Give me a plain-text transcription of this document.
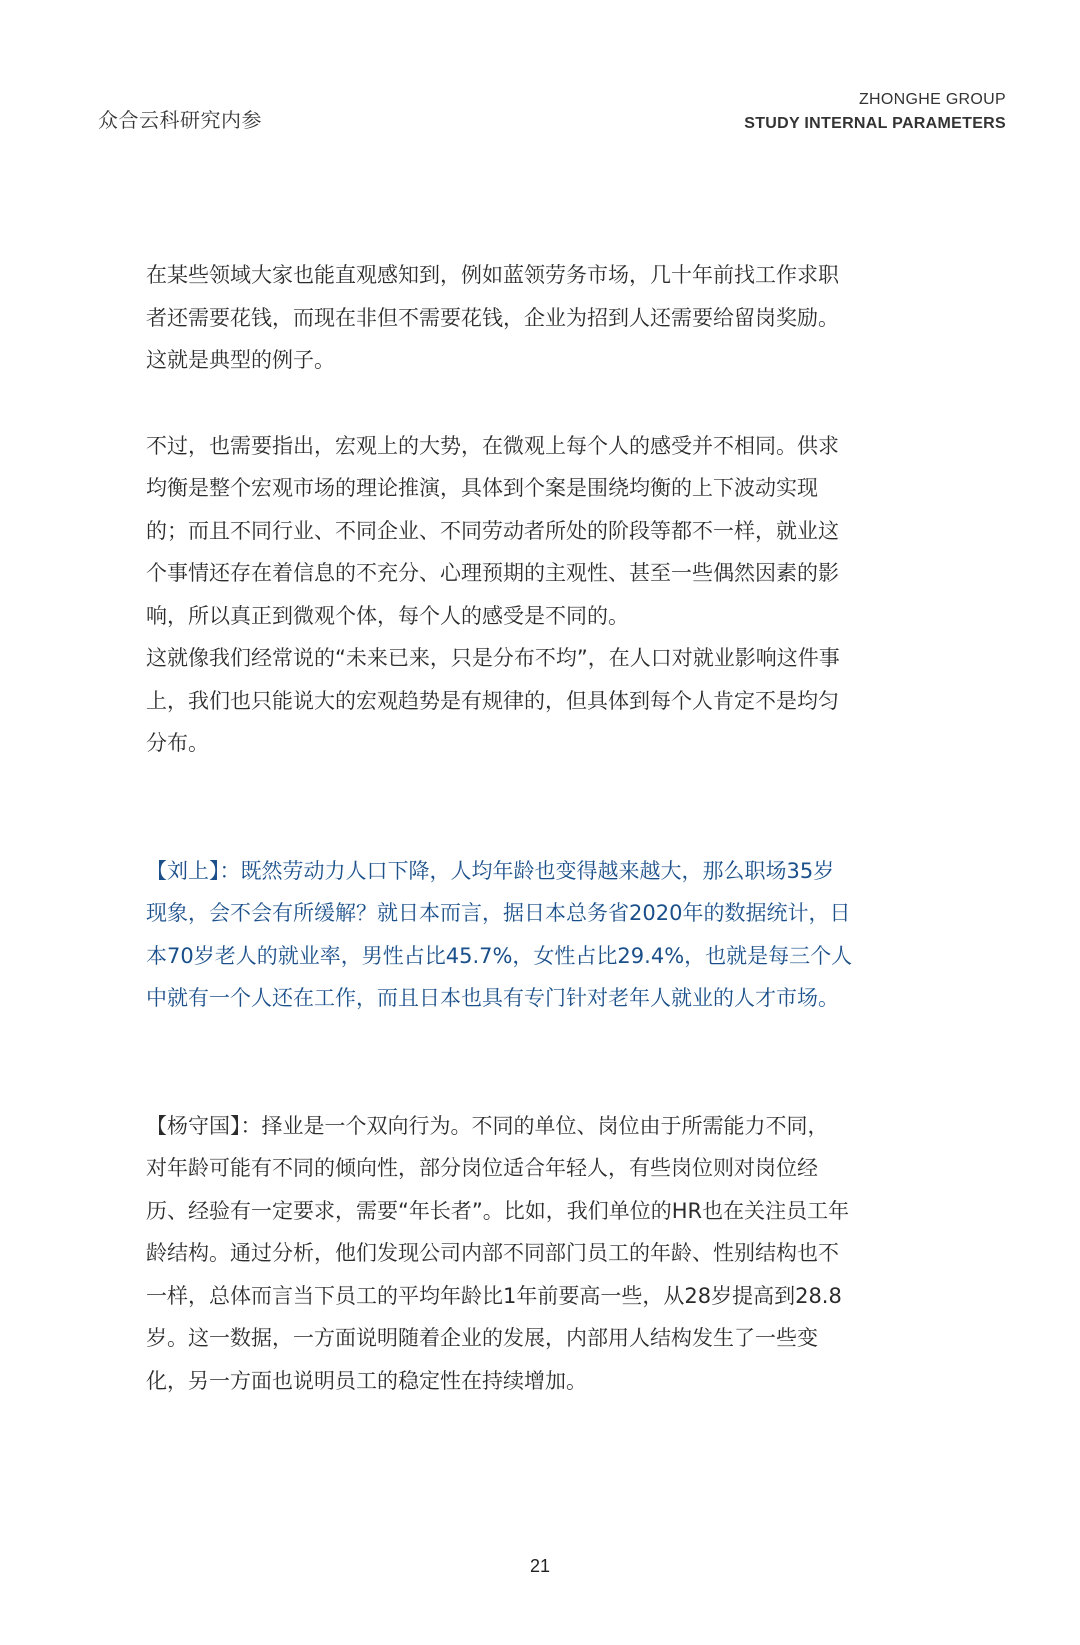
众合云科研究内参
ZHONGHE GROUP
STUDY INTERNAL PARAMETERS

在某些领域大家也能直观感知到，例如蓝领劳务市场，几十年前找工作求职
者还需要花钱，而现在非但不需要花钱，企业为招到人还需要给留岗奖励。
这就是典型的例子。

不过，也需要指出，宏观上的大势，在微观上每个人的感受并不相同。供求
均衡是整个宏观市场的理论推演，具体到个案是围绕均衡的上下波动实现
的；而且不同行业、不同企业、不同劳动者所处的阶段等都不一样，就业这
个事情还存在着信息的不充分、心理预期的主观性、甚至一些偶然因素的影
响，所以真正到微观个体，每个人的感受是不同的。

这就像我们经常说的“未来已来，只是分布不均”，在人口对就业影响这件事
上，我们也只能说大的宏观趋势是有规律的，但具体到每个人肯定不是均匀
分布。

【刘上】：既然劳动力人口下降，人均年龄也变得越来越大，那么职场35岁
现象，会不会有所缓解？就日本而言，据日本总务省2020年的数据统计，日
本70岁老人的就业率，男性占比45.7%，女性占比29.4%，也就是每三个人
中就有一个人还在工作，而且日本也具有专门针对老年人就业的人才市场。

【杨守国】：择业是一个双向行为。不同的单位、岗位由于所需能力不同，
对年龄可能有不同的倾向性，部分岗位适合年轻人，有些岗位则对岗位经
历、经验有一定要求，需要“年长者”。比如，我们单位的HR也在关注员工年
龄结构。通过分析，他们发现公司内部不同部门员工的年龄、性别结构也不
一样，总体而言当下员工的平均年龄比1年前要高一些，从28岁提高到28.8
岁。这一数据，一方面说明随着企业的发展，内部用人结构发生了一些变
化，另一方面也说明员工的稳定性在持续增加。

21
